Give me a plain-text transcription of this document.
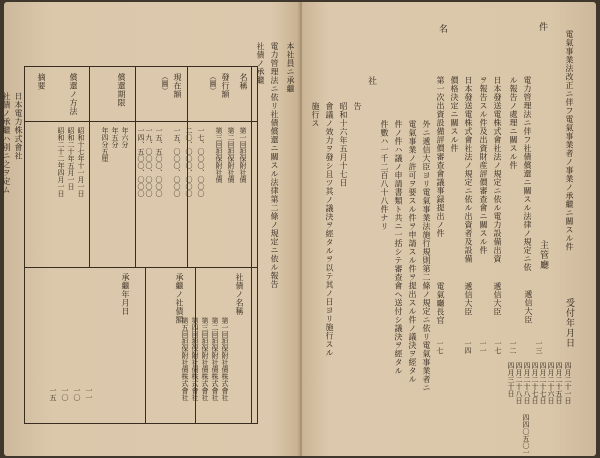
電氣事業法改正ニ伴フ電氣事業者ノ事業ノ承繼ニ關スル件
件
名
電力管理法ニ伴フ社債償還ニ關スル法律ノ規定ニ依
ル報告ノ處理ニ關スル件
日本發送電株式會社法ノ規定ニ依ル電力設備出資
ヲ報告スル件及出資財産評價審查會ニ關スル件
日本發送電株式會社法ノ規定ニ依ル出資者及設備
價格決定ニ關スル件
第一次出資設備評價審查會議事録提出ノ件
主管廳
遞信大臣
遞信大臣
遞信大臣
電氣廳長官
一三
一二
一七
一一
一四
一七	受付年月日
四月二十一日
四月二十五日
四月二十六日
四月二十七日
四月二十七日
四月二十八日
四月二十八日
四月三十日
四四〇五〇一
外ニ遞信大臣ヨリ電氣事業法施行規則第二條ノ規定ニ依リ電氣事業者ニ
電氣事業ノ許可ヲ要スル件ヲ申請スル件ヲ提出スル件ノ議決ヲ經タル
件ノ件ハ議ノ申請書類ト共ニ一括シテ審查會ヘ送付シ議決ヲ經タル
件數ハ一千二百八十八件ナリ
社
告
昭和十六年五月十七日
會議ノ效力ヲ發シ且ツ其ノ議決ヲ經タルヲ以テ其ノ日ヨリ施行スル
施行ス
本社員ニ承繼
電力管理法ニ依リ社債償還ニ關スル法律第二條ノ規定ニ依ル報告
社債ノ承繼
名稱
發行額
（圓）
現在額
（圓）
償還期限
償還ノ方法
摘要
第一回担保附社債
第二回担保附社債
第三回担保附社債
一七、〇〇〇、〇〇〇
二〇、〇〇〇、〇〇〇
一五、〇〇〇、〇〇〇
一五、五〇〇、〇〇〇
一九、〇〇〇、〇〇〇
一四、五〇〇、〇〇〇
年六分
年五分
年四分五厘
昭和十七年十一月一日
昭和二十年五月一日
昭和二十二年四月一日
社債ノ名稱
承繼ノ社債額
承繼年月日
第一回担保附社債株式會社
第二回担保附社債株式會社
第三回担保附社債株式會社
第四回担保附社債株式會社
第五回担保附社債株式會社
一一
一〇
一〇
一五
日本電力株式會社
社債ノ承繼ハ別ニ之ヲ定ム
